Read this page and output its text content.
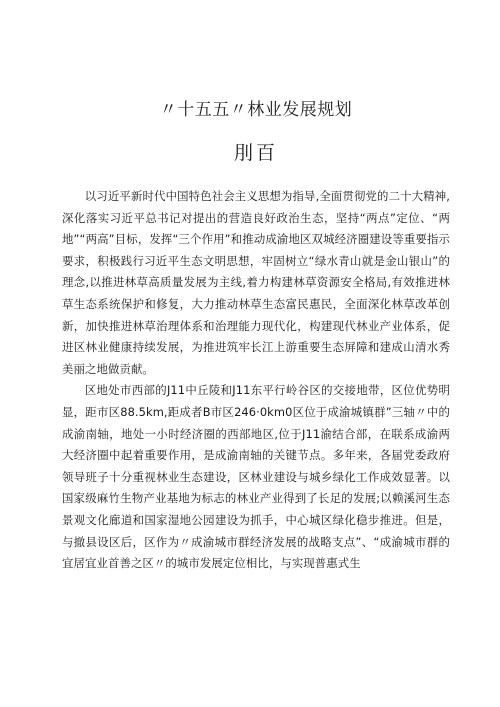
〃十五五〃林业发展规划
刖百

以习近平新时代中国特色社会主义思想为指导,全面贯彻党的二十大精神,深化落实习近平总书记对提出的营造良好政治生态，坚持“两点”定位、“两地”“两高”目标，发挥“三个作用”和推动成渝地区双城经济圈建设等重要指示要求，积极践行习近平生态文明思想，牢固树立“绿水青山就是金山银山”的理念,以推进林草高质量发展为主线,着力构建林草资源安全格局,有效推进林草生态系统保护和修复，大力推动林草生态富民惠民，全面深化林草改革创新，加快推进林草治理体系和治理能力现代化，构建现代林业产业体系，促进区林业健康持续发展，为推进筑牢长江上游重要生态屏障和建成山清水秀美丽之地做贡献。

区地处市西部的J11中丘陵和J11东平行岭谷区的交接地带，区位优势明显，距市区88.5km,距成者B市区246·0km0区位于成渝城镇群”三轴〃中的成渝南轴，地处一小时经济圈的西部地区,位于J11渝结合部，在联系成渝两大经济圈中起着重要作用，是成渝南轴的关键节点。多年来，各届党委政府领导班子十分重视林业生态建设，区林业建设与城乡绿化工作成效显著。以国家级麻竹生物产业基地为标志的林业产业得到了长足的发展;以赖溪河生态景观文化廊道和国家湿地公园建设为抓手，中心城区绿化稳步推进。但是，与撤县设区后，区作为〃成渝城市群经济发展的战略支点”、“成渝城市群的宜居宜业首善之区〃的城市发展定位相比，与实现普惠式生
